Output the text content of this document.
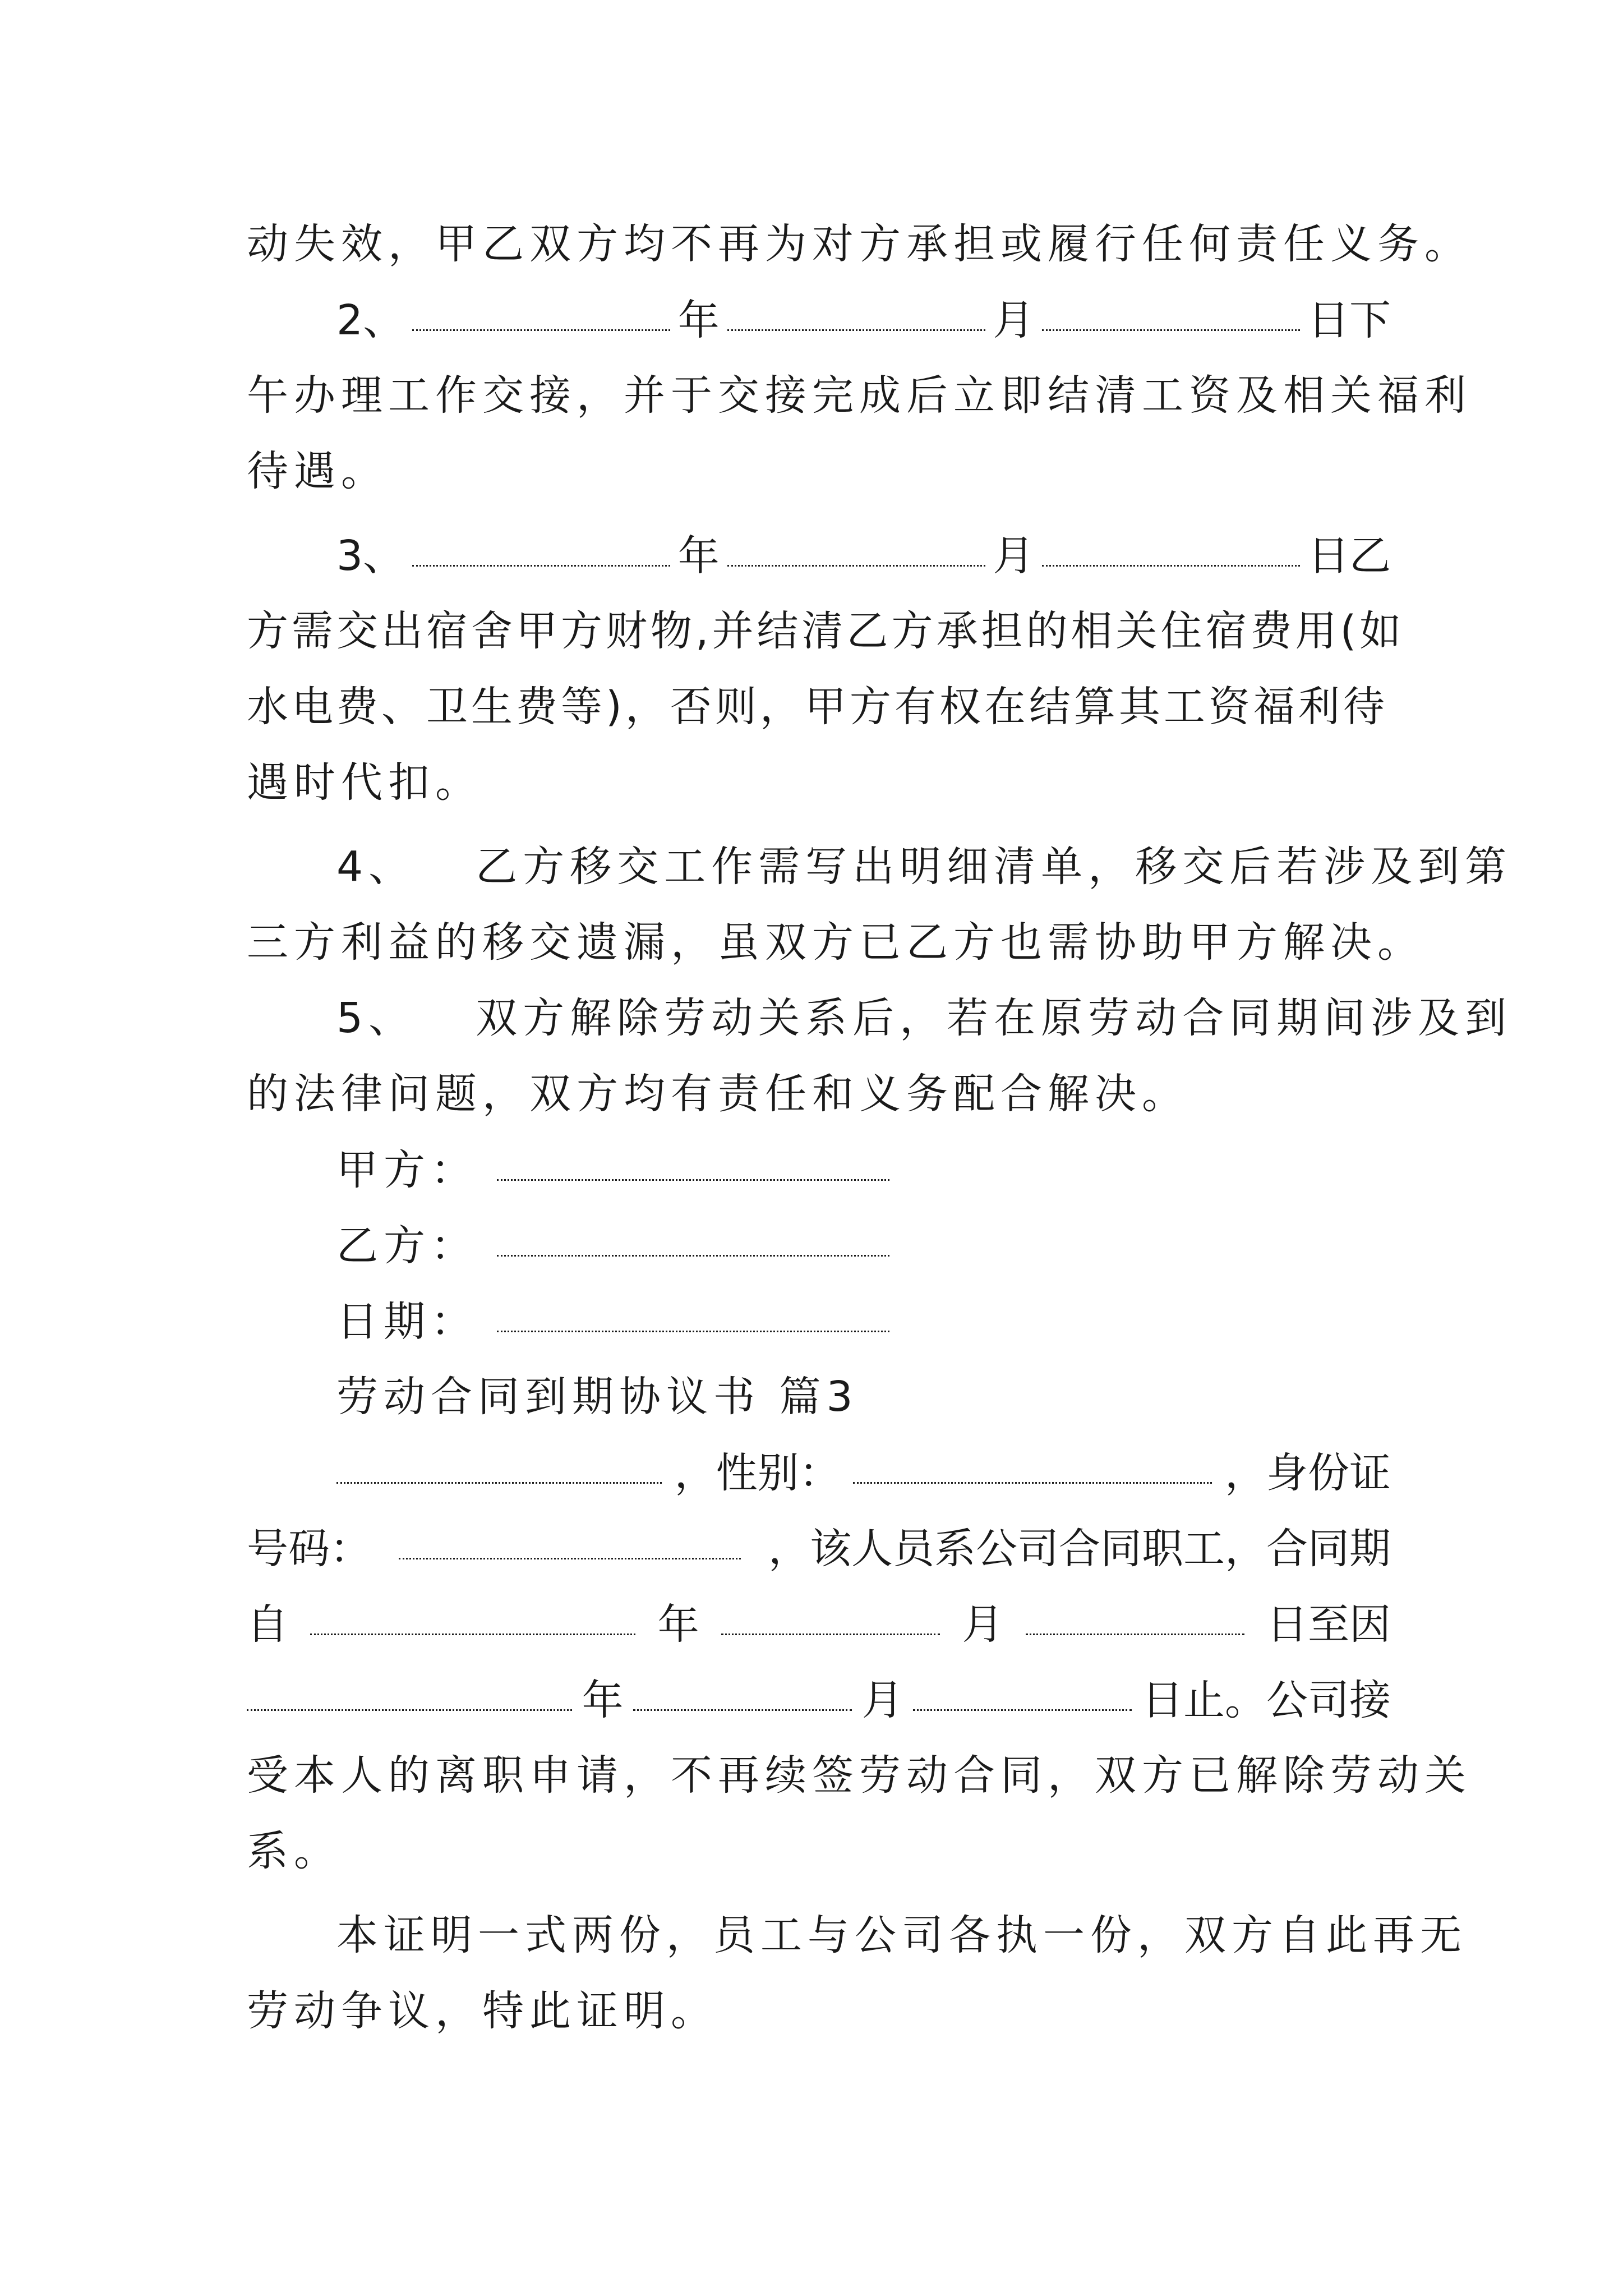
动失效，甲乙双方均不再为对方承担或履行任何责任义务。
2、	年	月	日下
午办理工作交接，并于交接完成后立即结清工资及相关福利
待遇。
3、	年	月	日乙
方需交出宿舍甲方财物,并结清乙方承担的相关住宿费用(如
水电费、卫生费等)，否则，甲方有权在结算其工资福利待
遇时代扣。
4、 乙方移交工作需写出明细清单，移交后若涉及到第
三方利益的移交遗漏，虽双方已乙方也需协助甲方解决。
5、 双方解除劳动关系后，若在原劳动合同期间涉及到
的法律问题，双方均有责任和义务配合解决。
甲方：
乙方：
日期：
劳动合同到期协议书 篇3
，性别：	，身份证
号码：	，该人员系公司合同职工，合同期
自	年	月	日至因
年	月	日止。公司接
受本人的离职申请，不再续签劳动合同，双方已解除劳动关
系。
本证明一式两份，员工与公司各执一份，双方自此再无
劳动争议，特此证明。
